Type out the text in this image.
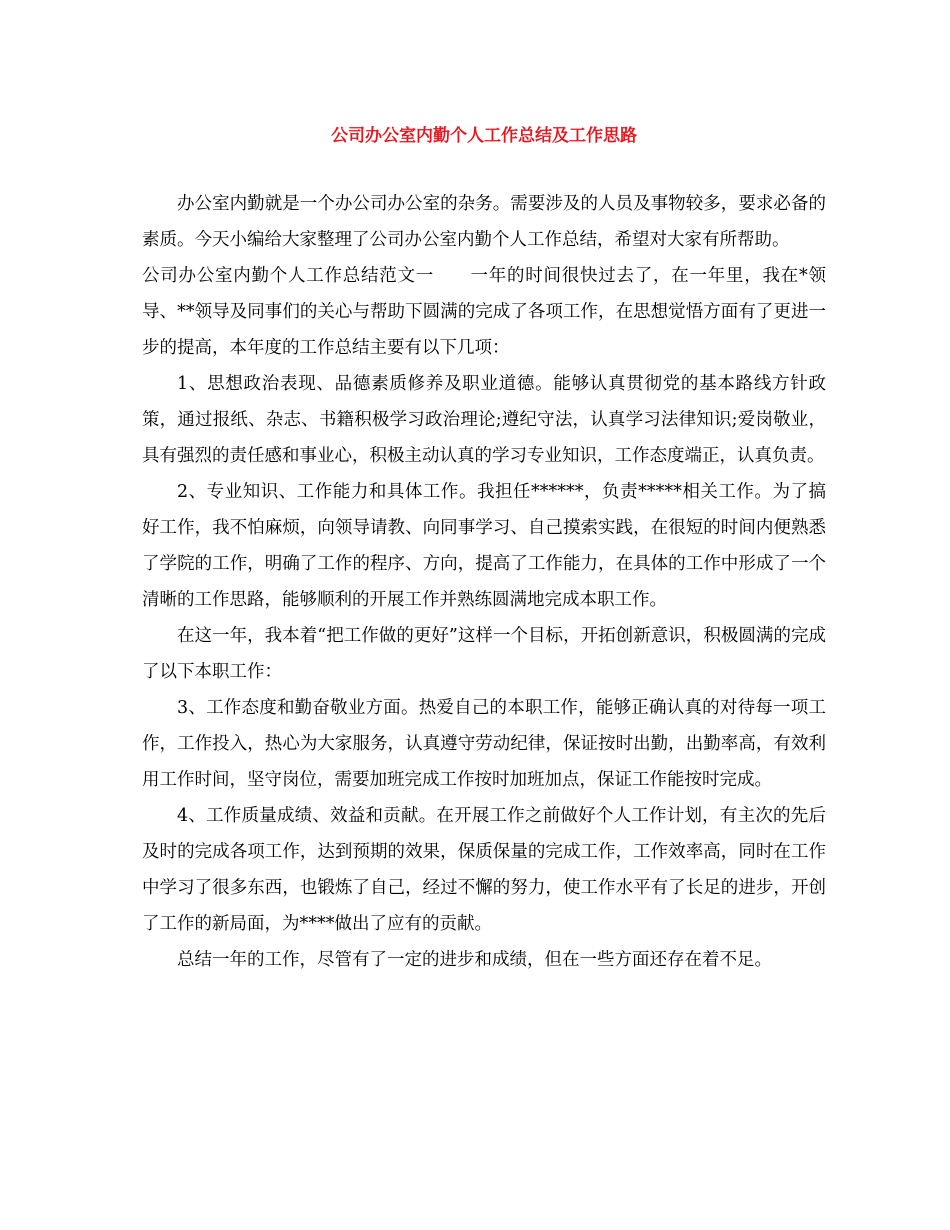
公司办公室内勤个人工作总结及工作思路

办公室内勤就是一个办公司办公室的杂务。需要涉及的人员及事物较多，要求必备的素质。今天小编给大家整理了公司办公室内勤个人工作总结，希望对大家有所帮助。

公司办公室内勤个人工作总结范文一　　一年的时间很快过去了，在一年里，我在*领导、**领导及同事们的关心与帮助下圆满的完成了各项工作，在思想觉悟方面有了更进一步的提高，本年度的工作总结主要有以下几项：

1、思想政治表现、品德素质修养及职业道德。能够认真贯彻党的基本路线方针政策，通过报纸、杂志、书籍积极学习政治理论;遵纪守法，认真学习法律知识;爱岗敬业，具有强烈的责任感和事业心，积极主动认真的学习专业知识，工作态度端正，认真负责。

2、专业知识、工作能力和具体工作。我担任******，负责*****相关工作。为了搞好工作，我不怕麻烦，向领导请教、向同事学习、自己摸索实践，在很短的时间内便熟悉了学院的工作，明确了工作的程序、方向，提高了工作能力，在具体的工作中形成了一个清晰的工作思路，能够顺利的开展工作并熟练圆满地完成本职工作。

在这一年，我本着“把工作做的更好”这样一个目标，开拓创新意识，积极圆满的完成了以下本职工作：

3、工作态度和勤奋敬业方面。热爱自己的本职工作，能够正确认真的对待每一项工作，工作投入，热心为大家服务，认真遵守劳动纪律，保证按时出勤，出勤率高，有效利用工作时间，坚守岗位，需要加班完成工作按时加班加点，保证工作能按时完成。

4、工作质量成绩、效益和贡献。在开展工作之前做好个人工作计划，有主次的先后及时的完成各项工作，达到预期的效果，保质保量的完成工作，工作效率高，同时在工作中学习了很多东西，也锻炼了自己，经过不懈的努力，使工作水平有了长足的进步，开创了工作的新局面，为****做出了应有的贡献。

总结一年的工作，尽管有了一定的进步和成绩，但在一些方面还存在着不足。
